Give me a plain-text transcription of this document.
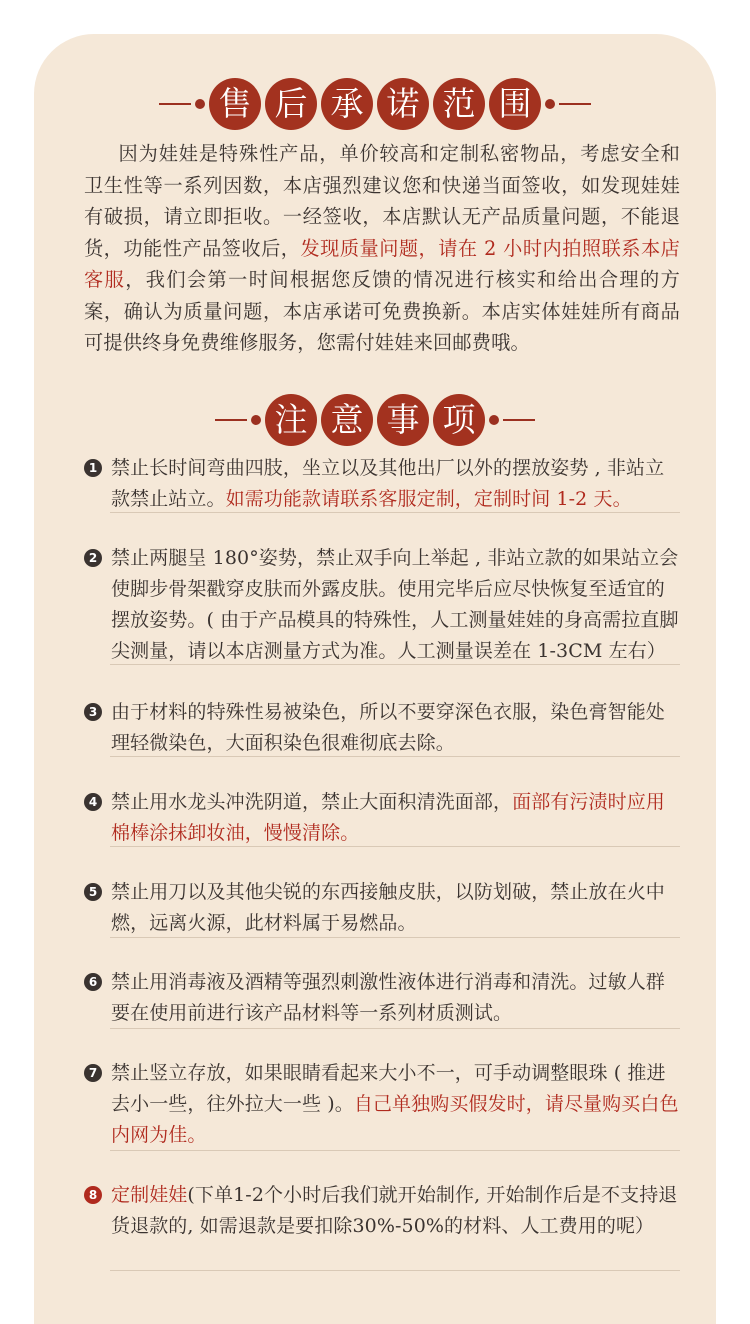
售 后 承 诺 范 围

因为娃娃是特殊性产品，单价较高和定制私密物品，考虑安全和卫生性等一系列因数，本店强烈建议您和快递当面签收，如发现娃娃有破损，请立即拒收。一经签收，本店默认无产品质量问题，不能退货，功能性产品签收后，发现质量问题，请在 2 小时内拍照联系本店客服，我们会第一时间根据您反馈的情况进行核实和给出合理的方案，确认为质量问题，本店承诺可免费换新。本店实体娃娃所有商品可提供终身免费维修服务，您需付娃娃来回邮费哦。

注 意 事 项
1 禁止长时间弯曲四肢，坐立以及其他出厂以外的摆放姿势 , 非站立款禁止站立。如需功能款请联系客服定制，定制时间 1-2 天。
2 禁止两腿呈 180°姿势，禁止双手向上举起 , 非站立款的如果站立会使脚步骨架戳穿皮肤而外露皮肤。使用完毕后应尽快恢复至适宜的摆放姿势。( 由于产品模具的特殊性，人工测量娃娃的身高需拉直脚尖测量，请以本店测量方式为准。人工测量误差在 1-3CM 左右）
3 由于材料的特殊性易被染色，所以不要穿深色衣服，染色膏智能处理轻微染色，大面积染色很难彻底去除。
4 禁止用水龙头冲洗阴道，禁止大面积清洗面部，面部有污渍时应用棉棒涂抹卸妆油，慢慢清除。
5 禁止用刀以及其他尖锐的东西接触皮肤，以防划破，禁止放在火中燃，远离火源，此材料属于易燃品。
6 禁止用消毒液及酒精等强烈刺激性液体进行消毒和清洗。过敏人群要在使用前进行该产品材料等一系列材质测试。
7 禁止竖立存放，如果眼睛看起来大小不一，可手动调整眼珠 ( 推进去小一些，往外拉大一些 )。自己单独购买假发时，请尽量购买白色内网为佳。
8 定制娃娃(下单1-2个小时后我们就开始制作, 开始制作后是不支持退货退款的, 如需退款是要扣除30%-50%的材料、人工费用的呢）
